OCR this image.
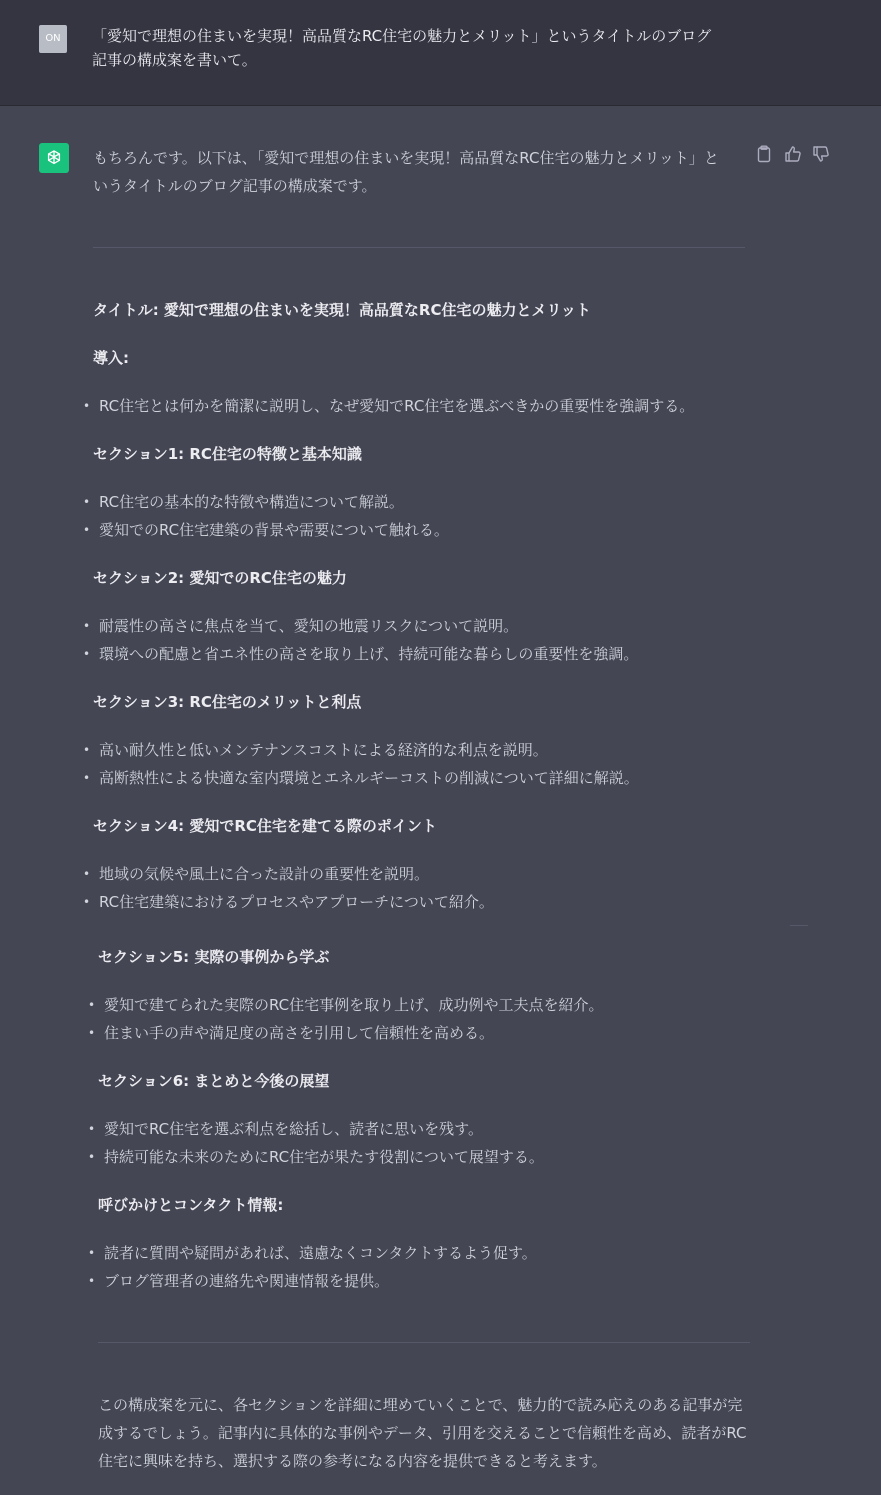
ON	「愛知で理想の住まいを実現！高品質なRC住宅の魅力とメリット」というタイトルのブログ記事の構成案を書いて。
もちろんです。以下は、「愛知で理想の住まいを実現！高品質なRC住宅の魅力とメリット」というタイトルのブログ記事の構成案です。
タイトル: 愛知で理想の住まいを実現！高品質なRC住宅の魅力とメリット
導入:
• RC住宅とは何かを簡潔に説明し、なぜ愛知でRC住宅を選ぶべきかの重要性を強調する。
セクション1: RC住宅の特徴と基本知識
• RC住宅の基本的な特徴や構造について解説。
• 愛知でのRC住宅建築の背景や需要について触れる。
セクション2: 愛知でのRC住宅の魅力
• 耐震性の高さに焦点を当て、愛知の地震リスクについて説明。
• 環境への配慮と省エネ性の高さを取り上げ、持続可能な暮らしの重要性を強調。
セクション3: RC住宅のメリットと利点
• 高い耐久性と低いメンテナンスコストによる経済的な利点を説明。
• 高断熱性による快適な室内環境とエネルギーコストの削減について詳細に解説。
セクション4: 愛知でRC住宅を建てる際のポイント
• 地域の気候や風土に合った設計の重要性を説明。
• RC住宅建築におけるプロセスやアプローチについて紹介。
セクション5: 実際の事例から学ぶ
• 愛知で建てられた実際のRC住宅事例を取り上げ、成功例や工夫点を紹介。
• 住まい手の声や満足度の高さを引用して信頼性を高める。
セクション6: まとめと今後の展望
• 愛知でRC住宅を選ぶ利点を総括し、読者に思いを残す。
• 持続可能な未来のためにRC住宅が果たす役割について展望する。
呼びかけとコンタクト情報:
• 読者に質問や疑問があれば、遠慮なくコンタクトするよう促す。
• ブログ管理者の連絡先や関連情報を提供。
この構成案を元に、各セクションを詳細に埋めていくことで、魅力的で読み応えのある記事が完成するでしょう。記事内に具体的な事例やデータ、引用を交えることで信頼性を高め、読者がRC住宅に興味を持ち、選択する際の参考になる内容を提供できると考えます。
